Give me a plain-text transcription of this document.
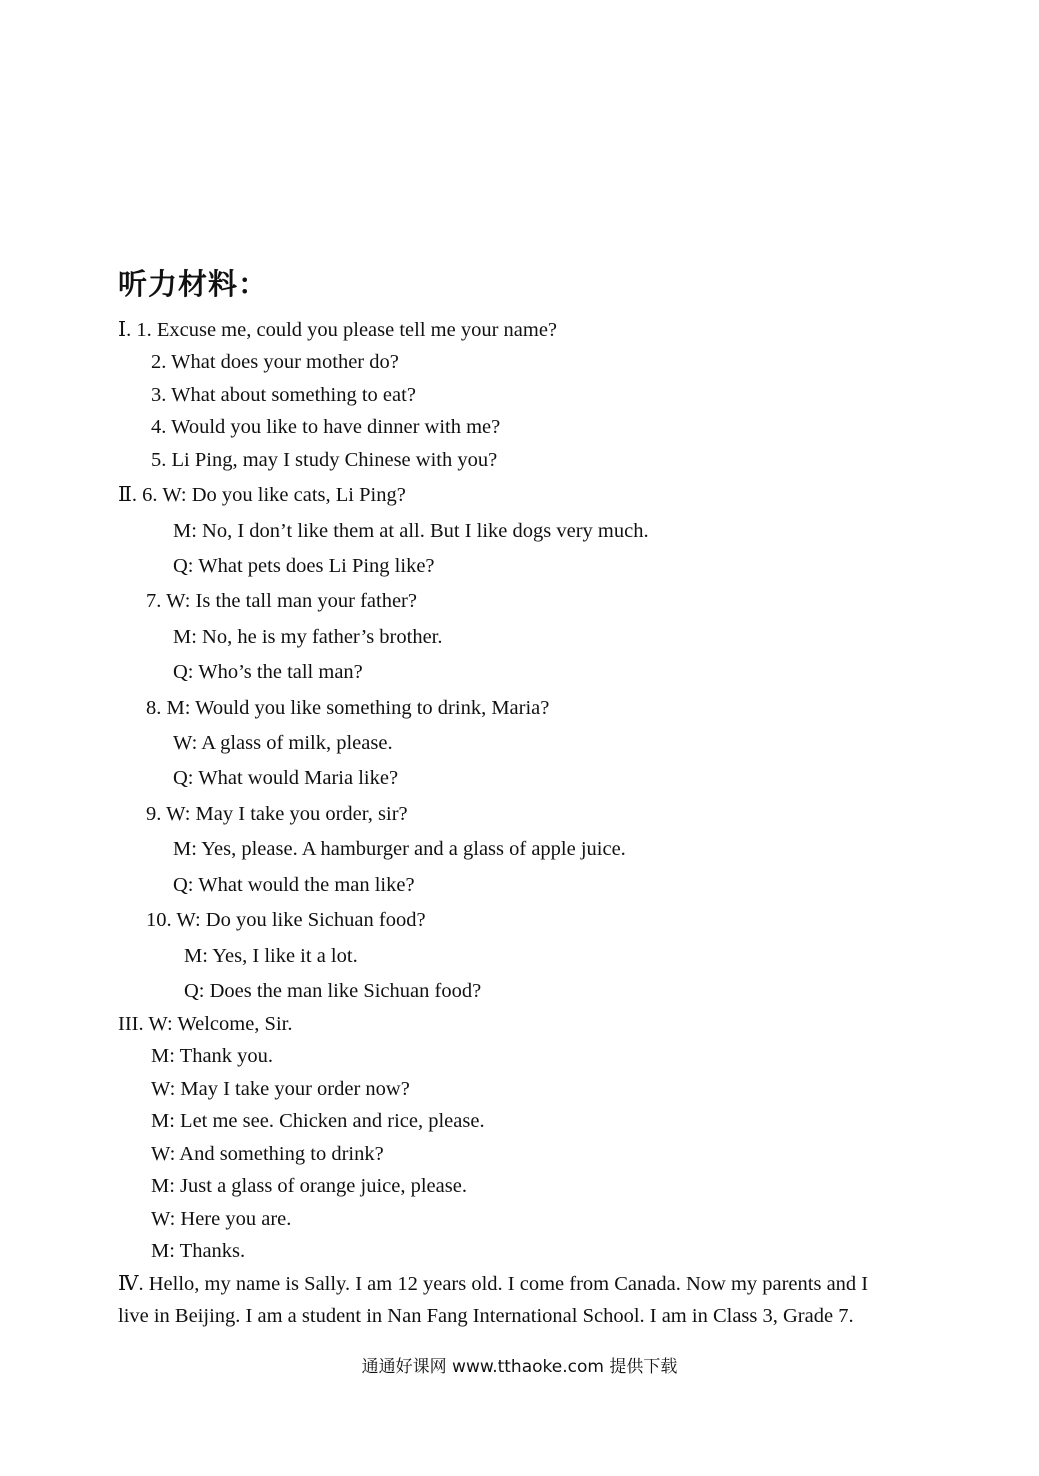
听力材料：
Ⅰ. 1. Excuse me, could you please tell me your name?
2. What does your mother do?
3. What about something to eat?
4. Would you like to have dinner with me?
5. Li Ping, may I study Chinese with you?
Ⅱ. 6. W: Do you like cats, Li Ping?
M: No, I don’t like them at all. But I like dogs very much.
Q: What pets does Li Ping like?
7. W: Is the tall man your father?
M: No, he is my father’s brother.
Q: Who’s the tall man?
8. M: Would you like something to drink, Maria?
W: A glass of milk, please.
Q: What would Maria like?
9. W: May I take you order, sir?
M: Yes, please. A hamburger and a glass of apple juice.
Q: What would the man like?
10. W: Do you like Sichuan food?
M: Yes, I like it a lot.
Q: Does the man like Sichuan food?
III. W: Welcome, Sir.
M: Thank you.
W: May I take your order now?
M: Let me see. Chicken and rice, please.
W: And something to drink?
M: Just a glass of orange juice, please.
W: Here you are.
M: Thanks.
Ⅳ. Hello, my name is Sally. I am 12 years old. I come from Canada. Now my parents and I
live in Beijing. I am a student in Nan Fang International School. I am in Class 3, Grade 7.
通通好课网 www.tthaoke.com 提供下载
